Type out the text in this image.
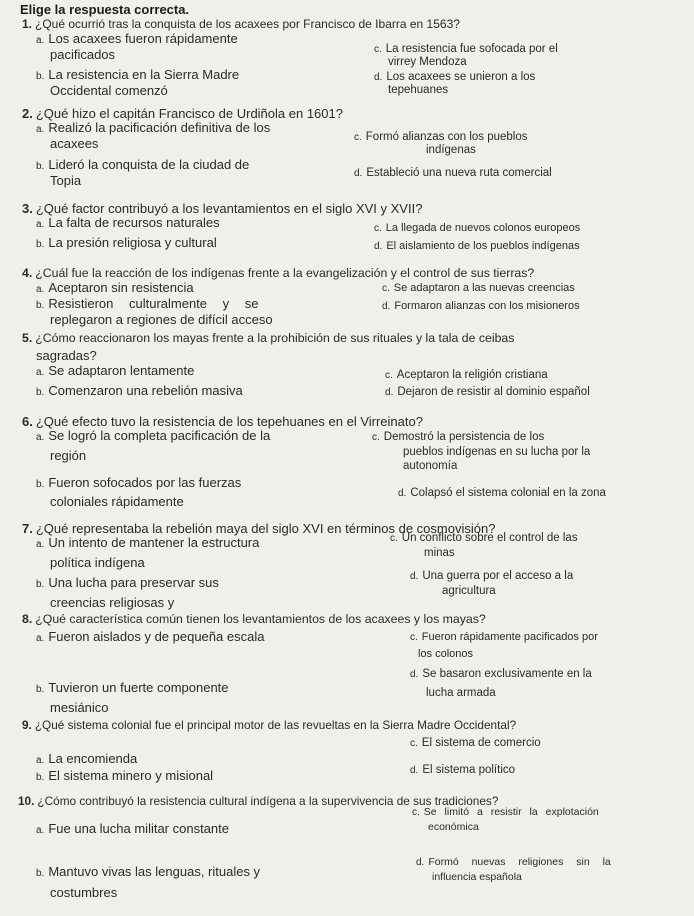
Elige la respuesta correcta.
1. ¿Qué ocurrió tras la conquista de los acaxees por Francisco de Ibarra en 1563?
a. Los acaxees fueron rápidamente
pacificados
b. La resistencia en la Sierra Madre
Occidental comenzó
c. La resistencia fue sofocada por el
virrey Mendoza
d. Los acaxees se unieron a los
tepehuanes
2. ¿Qué hizo el capitán Francisco de Urdiñola en 1601?
a. Realizó la pacificación definitiva de los
acaxees
b. Lideró la conquista de la ciudad de
Topia
c. Formó alianzas con los pueblos
indígenas
d. Estableció una nueva ruta comercial
3. ¿Qué factor contribuyó a los levantamientos en el siglo XVI y XVII?
a. La falta de recursos naturales
b. La presión religiosa y cultural
c. La llegada de nuevos colonos europeos
d. El aislamiento de los pueblos indígenas
4. ¿Cuál fue la reacción de los indígenas frente a la evangelización y el control de sus tierras?
a. Aceptaron sin resistencia
b. Resistieron culturalmente y se
replegaron a regiones de difícil acceso
c. Se adaptaron a las nuevas creencias
d. Formaron alianzas con los misioneros
5. ¿Cómo reaccionaron los mayas frente a la prohibición de sus rituales y la tala de ceibas
sagradas?
a. Se adaptaron lentamente
b. Comenzaron una rebelión masiva
c. Aceptaron la religión cristiana
d. Dejaron de resistir al dominio español
6. ¿Qué efecto tuvo la resistencia de los tepehuanes en el Virreinato?
a. Se logró la completa pacificación de la
región
b. Fueron sofocados por las fuerzas
coloniales rápidamente
c. Demostró la persistencia de los
pueblos indígenas en su lucha por la
autonomía
d. Colapsó el sistema colonial en la zona
7. ¿Qué representaba la rebelión maya del siglo XVI en términos de cosmovisión?
a. Un intento de mantener la estructura
política indígena
b. Una lucha para preservar sus
creencias religiosas y
c. Un conflicto sobre el control de las
minas
d. Una guerra por el acceso a la
agricultura
8. ¿Qué característica común tienen los levantamientos de los acaxees y los mayas?
a. Fueron aislados y de pequeña escala
b. Tuvieron un fuerte componente
mesiánico
c. Fueron rápidamente pacificados por
los colonos
d. Se basaron exclusivamente en la
lucha armada
9. ¿Qué sistema colonial fue el principal motor de las revueltas en la Sierra Madre Occidental?
a. La encomienda
b. El sistema minero y misional
c. El sistema de comercio
d. El sistema político
10. ¿Cómo contribuyó la resistencia cultural indígena a la supervivencia de sus tradiciones?
a. Fue una lucha militar constante
b. Mantuvo vivas las lenguas, rituales y
costumbres
c. Se limitó a resistir la explotación
económica
d. Formó nuevas religiones sin la
influencia española
